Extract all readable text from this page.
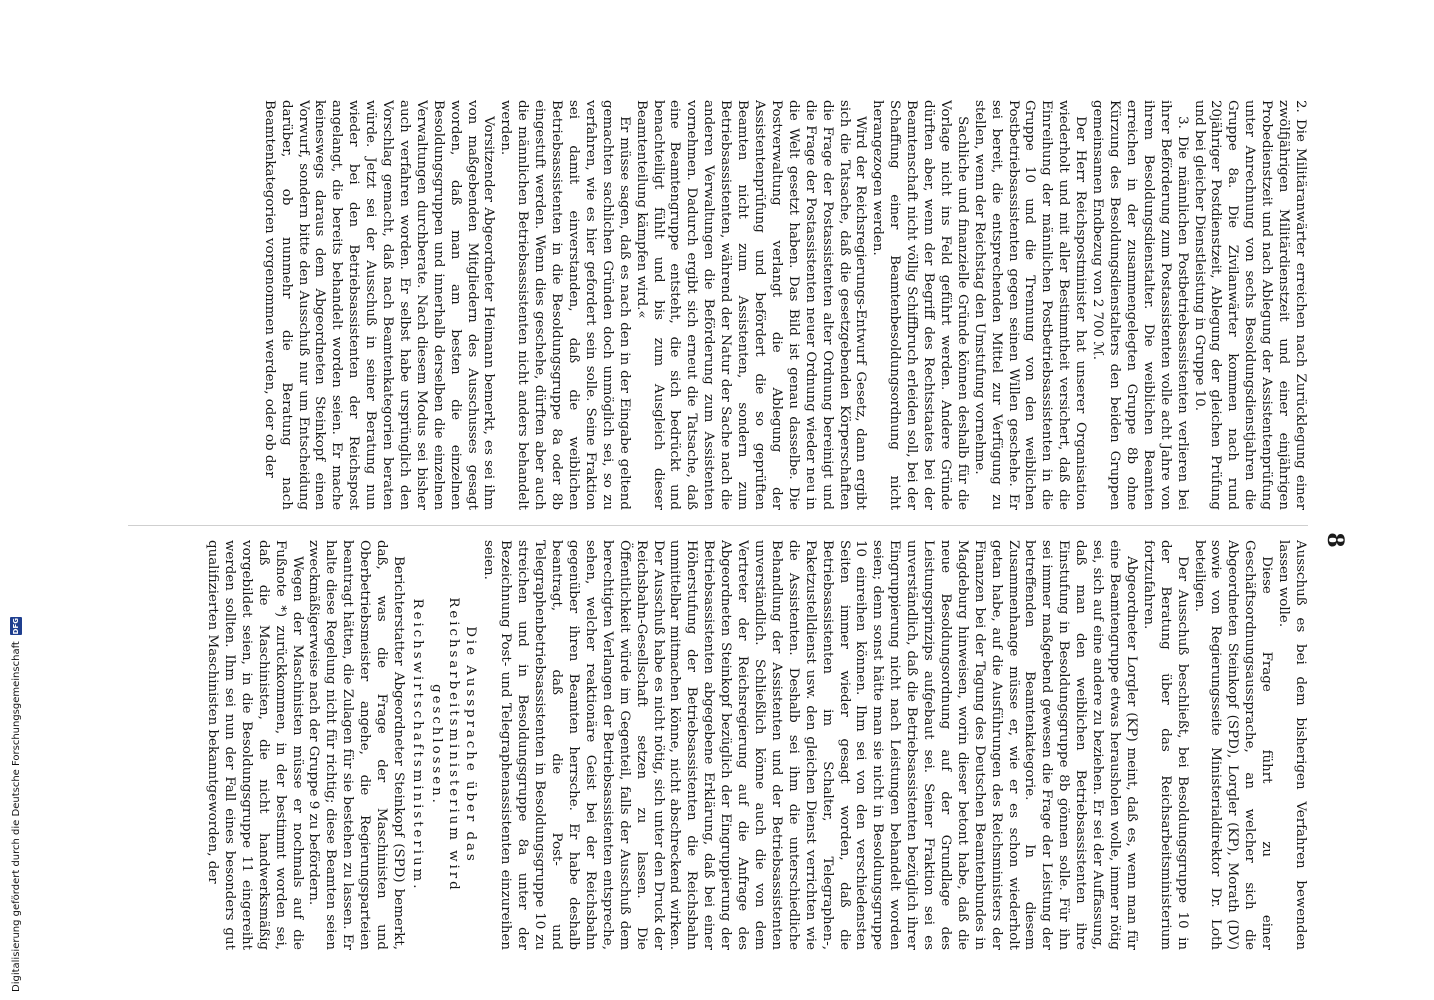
8

2. Die Militäranwärter erreichen nach Zurücklegung einer zwölfjährigen Militärdienstzeit und einer einjährigen Probedienstzeit und nach Ablegung der Assistentenprüfung unter Anrechnung von sechs Besoldungsdienstjahren die Gruppe 8a. Die Zivilanwärter kommen nach rund 20jähriger Postdienstzeit, Ablegung der gleichen Prüfung und bei gleicher Dienstleistung in Gruppe 10.

3. Die männlichen Postbetriebsassistenten verlieren bei ihrer Beförderung zum Postassistenten volle acht Jahre von ihrem Besoldungsdienstalter. Die weiblichen Beamten erreichen in der zusammengelegten Gruppe 8b ohne Kürzung des Besoldungsdienstalters den beiden Gruppen gemeinsamen Endbezug von 2 700 ℳ.

Der Herr Reichspostminister hat unserer Organisation wiederholt und mit aller Bestimmtheit versichert, daß die Einreihung der männlichen Postbetriebsassistenten in die Gruppe 10 und die Trennung von den weiblichen Postbetriebsassistenten gegen seinen Willen geschehe. Er sei bereit, die entsprechenden Mittel zur Verfügung zu stellen, wenn der Reichstag den Umstufung vornehme.

Sachliche und finanzielle Gründe können deshalb für die Vorlage nicht ins Feld geführt werden. Andere Gründe dürften aber, wenn der Begriff des Rechtsstaates bei der Beamtenschaft nicht völlig Schiffbruch erleiden soll, bei der Schaffung einer Beamtenbesoldungsordnung nicht herangezogen werden.

Wird der Reichsregierungs-Entwurf Gesetz, dann ergibt sich die Tatsache, daß die gesetzgebenden Körperschaften die Frage der Postassistenten alter Ordnung bereinigt und die Frage der Postassistenten neuer Ordnung wieder neu in die Welt gesetzt haben. Das Bild ist genau dasselbe. Die Postverwaltung verlangt die Ablegung der Assistentenprüfung und befördert die so geprüften Beamten nicht zum Assistenten, sondern zum Betriebsassistenten, während der Natur der Sache nach die anderen Verwaltungen die Beförderung zum Assistenten vornehmen. Dadurch ergibt sich erneut die Tatsache, daß eine Beamtengruppe entsteht, die sich bedrückt und benachteiligt fühlt und bis zum Ausgleich dieser Beamtenteilung kämpfen wird.«

Er müsse sagen, daß es nach den in der Eingabe geltend gemachten sachlichen Gründen doch unmöglich sei, so zu verfahren, wie es hier gefordert sein solle. Seine Fraktion sei damit einverstanden, daß die weiblichen Betriebsassistenten in die Besoldungsgruppe 8a oder 8b eingestuft werden. Wenn dies geschehe, dürften aber auch die männlichen Betriebsassistenten nicht anders behandelt werden.

Vorsitzender Abgeordneter Heimann bemerkt, es sei ihm von maßgebenden Mitgliedern des Ausschusses gesagt worden, daß man am besten die einzelnen Besoldungsgruppen und innerhalb derselben die einzelnen Verwaltungen durchberate. Nach diesem Modus sei bisher auch verfahren worden. Er selbst habe ursprünglich den Vorschlag gemacht, daß nach Beamtenkategorien beraten würde. Jetzt sei der Ausschuß in seiner Beratung nun wieder bei den Betriebsassistenten der Reichspost angelangt, die bereits behandelt worden seien. Er mache keineswegs daraus dem Abgeordneten Steinkopf einen Vorwurf, sondern bitte den Ausschuß nur um Entscheidung darüber, ob nunmehr die Beratung nach Beamtenkategorien vorgenommen werden, oder ob der

Ausschuß es bei dem bisherigen Verfahren bewenden lassen wolle.

Diese Frage führt zu einer Geschäftsordnungsaussprache, an welcher sich die Abgeordneten Steinkopf (SPD), Lorgler (KP), Morath (DV) sowie von Regierungsseite Ministerialdirektor Dr. Loth beteiligen.

Der Ausschuß beschließt, bei Besoldungsgruppe 10 in der Beratung über das Reichsarbeitsministerium fortzufahren.

Abgeordneter Lorgler (KP) meint, daß es, wenn man für eine Beamtengruppe etwas herausholen wolle, immer nötig sei, sich auf eine andere zu beziehen. Er sei der Auffassung, daß man den weiblichen Betriebsassistenten ihre Einstufung in Besoldungsgruppe 8b gönnen solle. Für ihn sei immer maßgebend gewesen die Frage der Leistung der betreffenden Beamtenkategorie. In diesem Zusammenhange müsse er, wie er es schon wiederholt getan habe, auf die Ausführungen des Reichsministers der Finanzen bei der Tagung des Deutschen Beamtenbundes in Magdeburg hinweisen, worin dieser betont habe, daß die neue Besoldungsordnung auf der Grundlage des Leistungsprinzips aufgebaut sei. Seiner Fraktion sei es unverständlich, daß die Betriebsassistenten bezüglich ihrer Eingruppierung nicht nach Leistungen behandelt worden seien; denn sonst hätte man sie nicht in Besoldungsgruppe 10 einreihen können. Ihm sei von den verschiedensten Seiten immer wieder gesagt worden, daß die Betriebsassistenten im Schalter, Telegraphen-, Paketzustelldienst usw. den gleichen Dienst verrichten wie die Assistenten. Deshalb sei ihm die unterschiedliche Behandlung der Assistenten und der Betriebsassistenten unverständlich. Schließlich könne auch die von dem Vertreter der Reichsregierung auf die Anfrage des Abgeordneten Steinkopf bezüglich der Eingruppierung der Betriebsassistenten abgegebene Erklärung, daß bei einer Höherstufung der Betriebsassistenten die Reichsbahn unmittelbar mitmachen könne, nicht abschreckend wirken. Der Ausschuß habe es nicht nötig, sich unter den Druck der Reichsbahn-Gesellschaft setzen zu lassen. Die Öffentlichkeit würde im Gegenteil, falls der Ausschuß dem berechtigten Verlangen der Betriebsassistenten entspreche, sehen, welcher reaktionäre Geist bei der Reichsbahn gegenüber ihren Beamten herrsche. Er habe deshalb beantragt, daß die Post- und Telegraphenbetriebsassistenten in Besoldungsgruppe 10 zu streichen und in Besoldungsgruppe 8a unter der Bezeichnung Post- und Telegraphenassistenten einzureihen seien.

Die Aussprache über das Reichsarbeitsministerium wird geschlossen.
Reichswirtschaftsministerium.

Berichterstatter Abgeordneter Steinkopf (SPD) bemerkt, daß, was die Frage der Maschinisten und Oberbetriebsmeister angehe, die Regierungsparteien beantragt hätten, die Zulagen für sie bestehen zu lassen. Er halte diese Regelung nicht für richtig; diese Beamten seien zweckmäßigerweise nach der Gruppe 9 zu befördern.

Wegen der Maschinisten müsse er nochmals auf die Fußnote *) zurückkommen, in der bestimmt worden sei, daß die Maschinisten, die nicht handwerksmäßig vorgebildet seien, in die Besoldungsgruppe 11 eingereiht werden sollten. Ihm sei nun der Fall eines besonders gut qualifizierten Maschinisten bekanntgeworden, der

Digitalisierung gefördert durch die Deutsche Forschungsgemeinschaft
DFG
